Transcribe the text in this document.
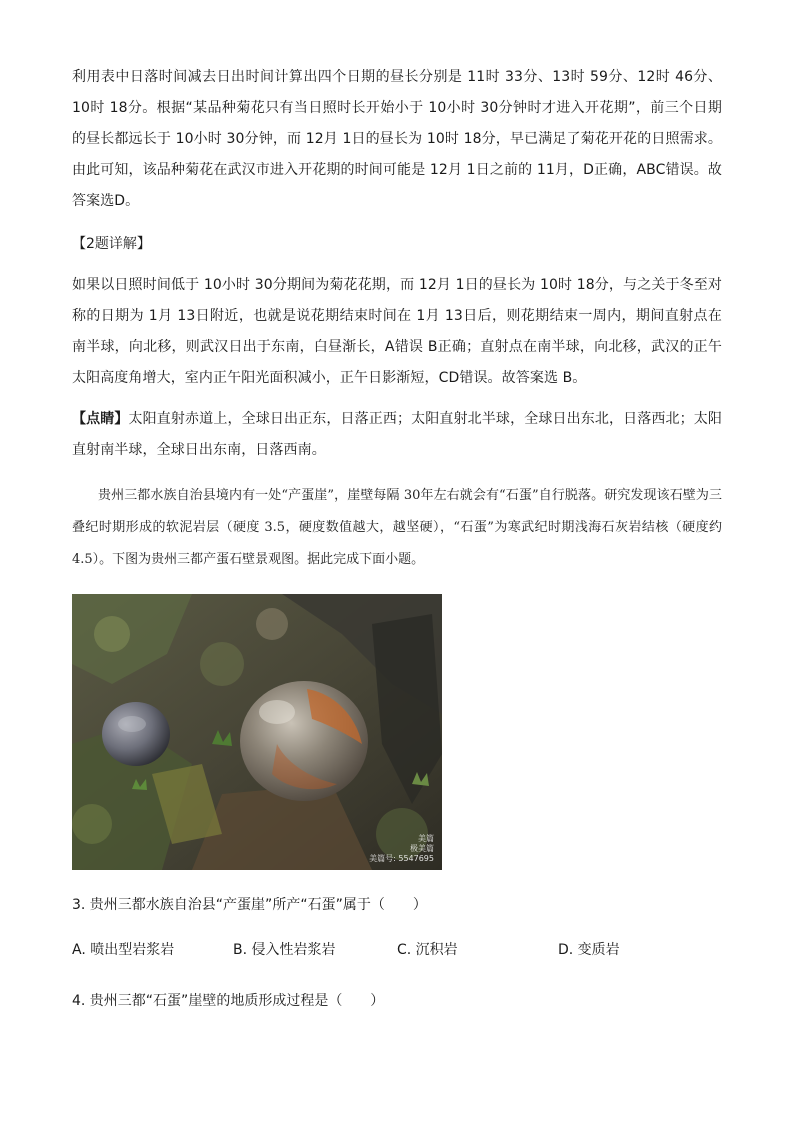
利用表中日落时间减去日出时间计算出四个日期的昼长分别是 11时 33分、13时 59分、12时 46分、10时 18分。根据“某品种菊花只有当日照时长开始小于 10小时 30分钟时才进入开花期”，前三个日期的昼长都远长于 10小时 30分钟，而 12月 1日的昼长为 10时 18分，早已满足了菊花开花的日照需求。由此可知，该品种菊花在武汉市进入开花期的时间可能是 12月 1日之前的 11月，D正确，ABC错误。故答案选D。

【2题详解】

如果以日照时间低于 10小时 30分期间为菊花花期，而 12月 1日的昼长为 10时 18分，与之关于冬至对称的日期为 1月 13日附近，也就是说花期结束时间在 1月 13日后，则花期结束一周内，期间直射点在南半球，向北移，则武汉日出于东南，白昼渐长，A错误 B正确；直射点在南半球，向北移，武汉的正午太阳高度角增大，室内正午阳光面积减小，正午日影渐短，CD错误。故答案选 B。

【点睛】太阳直射赤道上，全球日出正东，日落正西；太阳直射北半球，全球日出东北，日落西北；太阳直射南半球，全球日出东南，日落西南。

贵州三都水族自治县境内有一处“产蛋崖”，崖壁每隔 30年左右就会有“石蛋”自行脱落。研究发现该石壁为三叠纪时期形成的软泥岩层（硬度 3.5，硬度数值越大，越坚硬），“石蛋”为寒武纪时期浅海石灰岩结核（硬度约 4.5）。下图为贵州三都产蛋石壁景观图。据此完成下面小题。

美篇
极美篇
美篇号: 5547695

3. 贵州三都水族自治县“产蛋崖”所产“石蛋”属于（　　）

A. 喷出型岩浆岩	B. 侵入性岩浆岩	C. 沉积岩	D. 变质岩

4. 贵州三都“石蛋”崖壁的地质形成过程是（　　）
